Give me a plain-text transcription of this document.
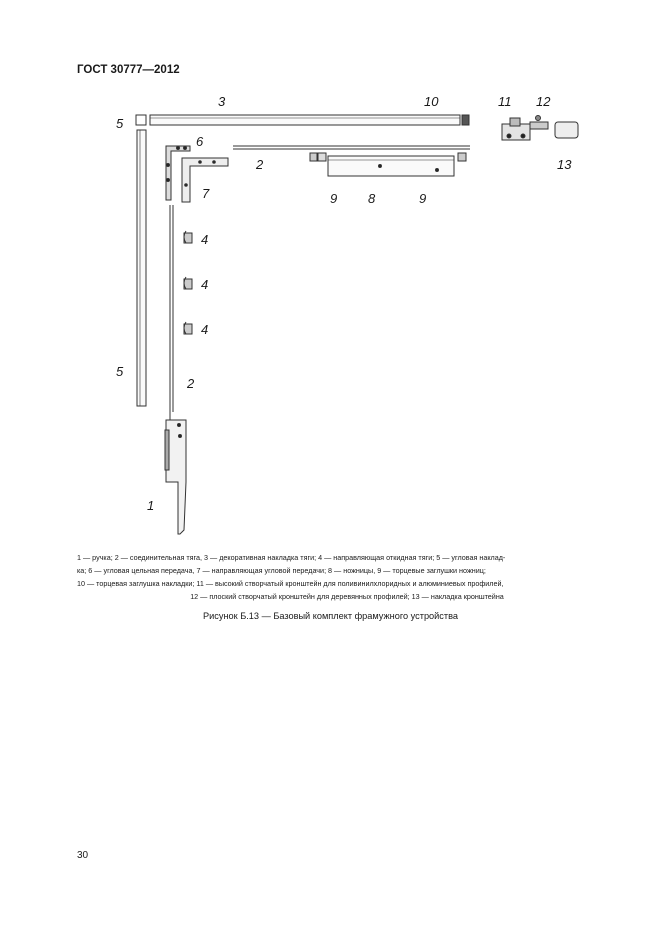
ГОСТ 30777—2012
1
2
2
3
4
4
4
5
5
6
7	8
9	9
10	11 12
13

1 — ручка; 2 — соединительная тяга, 3 — декоративная накладка тяги; 4 — направляющая откидная тяги; 5 — угловая наклад-

ка; 6 — угловая цельная передача, 7 — направляющая угловой передачи; 8 — ножницы, 9 — торцевые заглушки ножниц;

10 — торцевая заглушка накладки; 11 — высокий створчатый кронштейн для поливинилхлоридных и алюминиевых профилей,

12 — плоский створчатый кронштейн для деревянных профилей; 13 — накладка кронштейна

Рисунок Б.13 — Базовый комплект фрамужного устройства
30
